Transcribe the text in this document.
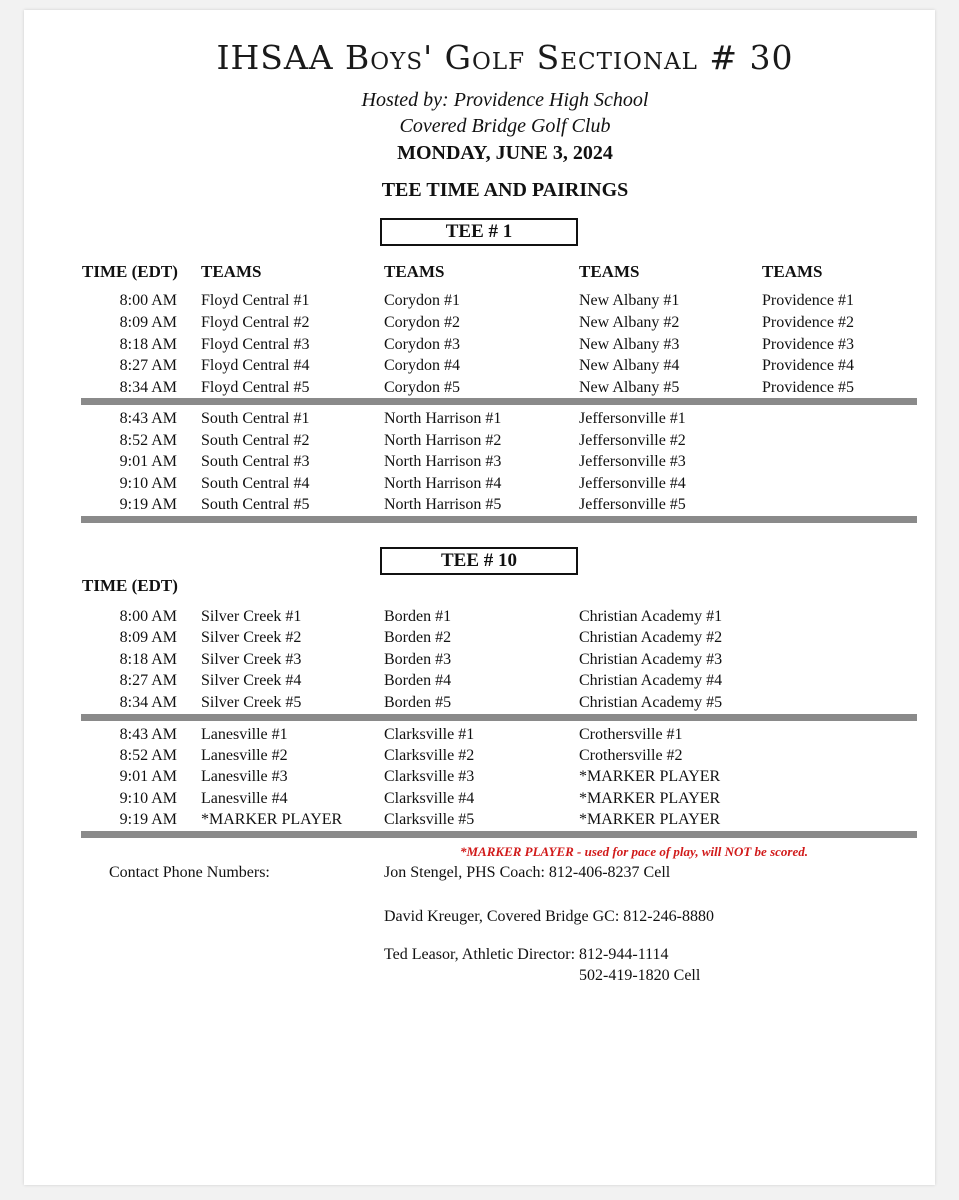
IHSAA Boys' Golf Sectional # 30
Hosted by: Providence High School
Covered Bridge Golf Club
MONDAY, JUNE 3, 2024
TEE TIME AND PAIRINGS
TEE # 1
TIME (EDT) TEAMS	TEAMS	TEAMS	TEAMS
8:00 AM Floyd Central #1	Corydon #1	New Albany #1	Providence #1
8:09 AM Floyd Central #2	Corydon #2	New Albany #2	Providence #2
8:18 AM Floyd Central #3	Corydon #3	New Albany #3	Providence #3
8:27 AM Floyd Central #4	Corydon #4	New Albany #4	Providence #4
8:34 AM Floyd Central #5	Corydon #5	New Albany #5	Providence #5
8:43 AM South Central #1	North Harrison #1	Jeffersonville #1
8:52 AM South Central #2	North Harrison #2	Jeffersonville #2
9:01 AM South Central #3	North Harrison #3	Jeffersonville #3
9:10 AM South Central #4	North Harrison #4	Jeffersonville #4
9:19 AM South Central #5	North Harrison #5	Jeffersonville #5
TEE # 10
TIME (EDT)
8:00 AM Silver Creek #1	Borden #1	Christian Academy #1
8:09 AM Silver Creek #2	Borden #2	Christian Academy #2
8:18 AM Silver Creek #3	Borden #3	Christian Academy #3
8:27 AM Silver Creek #4	Borden #4	Christian Academy #4
8:34 AM Silver Creek #5	Borden #5	Christian Academy #5
8:43 AM Lanesville #1	Clarksville #1	Crothersville #1
8:52 AM Lanesville #2	Clarksville #2	Crothersville #2
9:01 AM Lanesville #3	Clarksville #3	*MARKER PLAYER
9:10 AM Lanesville #4	Clarksville #4	*MARKER PLAYER
9:19 AM *MARKER PLAYER	Clarksville #5	*MARKER PLAYER
*MARKER PLAYER - used for pace of play, will NOT be scored.
Contact Phone Numbers:	Jon Stengel, PHS Coach: 812-406-8237 Cell
David Kreuger, Covered Bridge GC: 812-246-8880
Ted Leasor, Athletic Director: 812-944-1114
502-419-1820 Cell
